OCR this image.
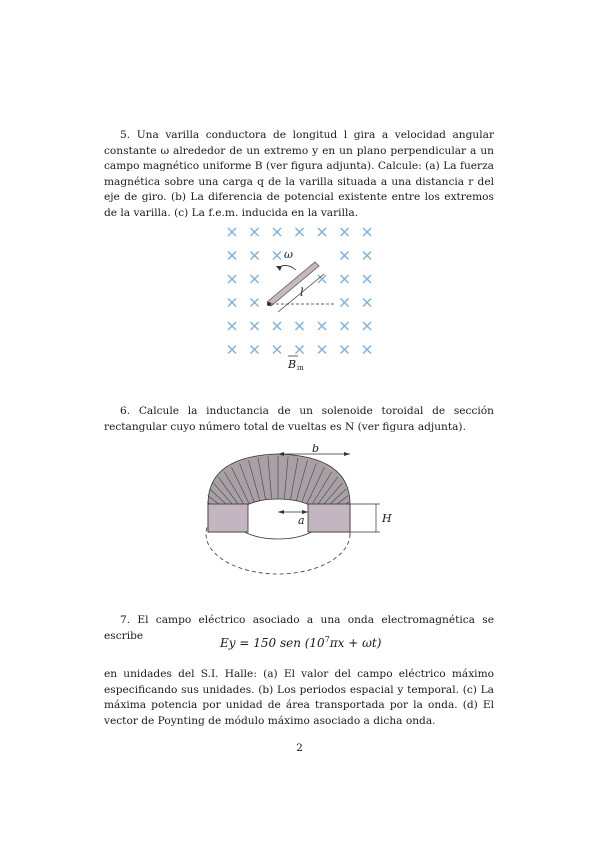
5. Una varilla conductora de longitud l gira a velocidad angular constante ω alrededor de un extremo y en un plano perpendicular a un campo magnético uniforme B (ver figura adjunta). Calcule: (a) La fuerza magnética sobre una carga q de la varilla situada a una distancia r del eje de giro. (b) La diferencia de potencial existente entre los extremos de la varilla. (c) La f.e.m. inducida en la varilla.
l
ω
B in
6. Calcule la inductancia de un solenoide toroidal de sección rectangular cuyo número total de vueltas es N (ver figura adjunta).
b
a	H
7. El campo eléctrico asociado a una onda electromagnética se escribe
Ey = 150 sen $(10^7\pi x + \omega t)$
en unidades del S.I. Halle: (a) El valor del campo eléctrico máximo especificando sus unidades. (b) Los periodos espacial y temporal. (c) La máxima potencia por unidad de área transportada por la onda. (d) El vector de Poynting de módulo máximo asociado a dicha onda.
2
